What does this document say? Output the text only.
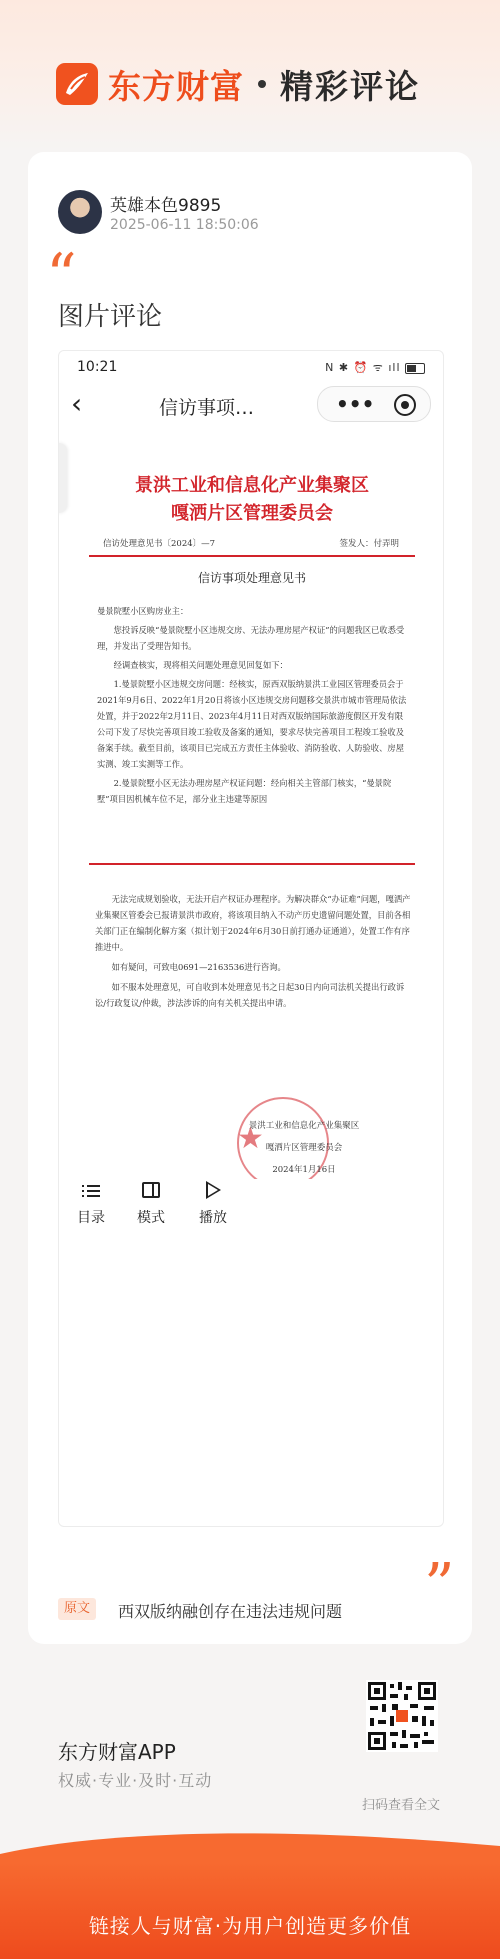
东方财富 精彩评论
英雄本色9895
2025-06-11 18:50:06
“
图片评论
10:21	N ✱ ⏰ ᯤ ıll
‹	信访事项…	•••
景洪工业和信息化产业集聚区
嘎洒片区管理委员会
信访处理意见书〔2024〕—7	签发人：付弄明
信访事项处理意见书

曼景院墅小区购房业主：

您投诉反映“曼景院墅小区违规交房、无法办理房屋产权证”的问题我区已收悉受理，并发出了受理告知书。

经调查核实，现将相关问题处理意见回复如下：

1.曼景院墅小区违规交房问题：经核实，原西双版纳景洪工业园区管理委员会于2021年9月6日、2022年1月20日将该小区违规交房问题移交景洪市城市管理局依法处置，并于2022年2月11日、2023年4月11日对西双版纳国际旅游度假区开发有限公司下发了尽快完善项目竣工验收及备案的通知，要求尽快完善项目工程竣工验收及备案手续。截至目前，该项目已完成五方责任主体验收、消防验收、人防验收、房屋实测、竣工实测等工作。

2.曼景院墅小区无法办理房屋产权证问题：经向相关主管部门核实，“曼景院墅”项目因机械车位不足，部分业主违建等原因

无法完成规划验收，无法开启产权证办理程序。为解决群众“办证难”问题，嘎洒产业集聚区管委会已报请景洪市政府，将该项目纳入不动产历史遗留问题处置，目前各相关部门正在编制化解方案（拟计划于2024年6月30日前打通办证通道），处置工作有序推进中。

如有疑问，可致电0691—2163536进行咨询。

如不服本处理意见，可自收到本处理意见书之日起30日内向司法机关提出行政诉讼/行政复议/仲裁，涉法涉诉的向有关机关提出申请。

★
景洪工业和信息化产业集聚区
嘎洒片区管理委员会
2024年1月16日
目录	模式	播放
”
原文	西双版纳融创存在违法违规问题
东方财富APP
权威·专业·及时·互动
扫码查看全文
链接人与财富·为用户创造更多价值
